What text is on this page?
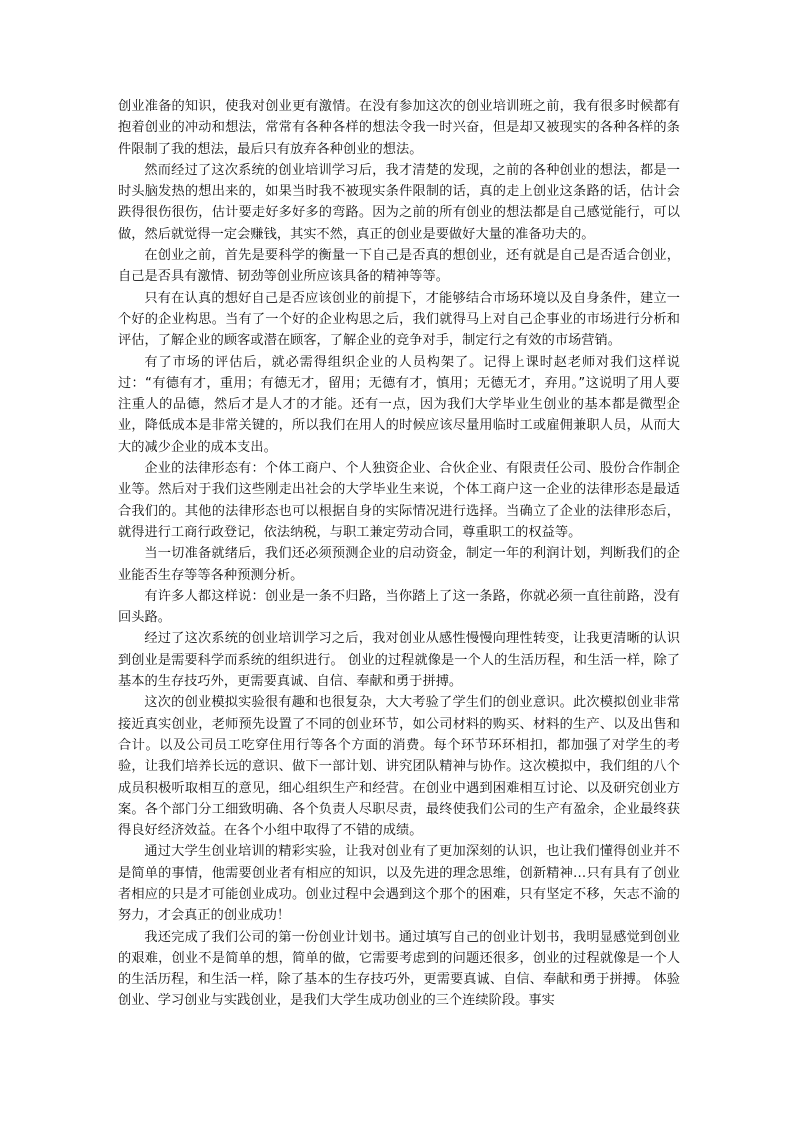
创业准备的知识，使我对创业更有激情。在没有参加这次的创业培训班之前，我有很多时候都有抱着创业的冲动和想法，常常有各种各样的想法令我一时兴奋，但是却又被现实的各种各样的条件限制了我的想法，最后只有放弃各种创业的想法。

然而经过了这次系统的创业培训学习后，我才清楚的发现，之前的各种创业的想法，都是一时头脑发热的想出来的，如果当时我不被现实条件限制的话，真的走上创业这条路的话，估计会跌得很伤很伤，估计要走好多好多的弯路。因为之前的所有创业的想法都是自己感觉能行，可以做，然后就觉得一定会赚钱，其实不然，真正的创业是要做好大量的准备功夫的。

在创业之前，首先是要科学的衡量一下自己是否真的想创业，还有就是自己是否适合创业，自己是否具有激情、韧劲等创业所应该具备的精神等等。

只有在认真的想好自己是否应该创业的前提下，才能够结合市场环境以及自身条件，建立一个好的企业构思。当有了一个好的企业构思之后，我们就得马上对自己企事业的市场进行分析和评估，了解企业的顾客或潜在顾客，了解企业的竞争对手，制定行之有效的市场营销。

有了市场的评估后，就必需得组织企业的人员构架了。记得上课时赵老师对我们这样说过：“有德有才，重用；有德无才，留用；无德有才，慎用；无德无才，弃用。”这说明了用人要注重人的品德，然后才是人才的才能。还有一点，因为我们大学毕业生创业的基本都是微型企业，降低成本是非常关键的，所以我们在用人的时候应该尽量用临时工或雇佣兼职人员，从而大大的减少企业的成本支出。

企业的法律形态有：个体工商户、个人独资企业、合伙企业、有限责任公司、股份合作制企业等。然后对于我们这些刚走出社会的大学毕业生来说，个体工商户这一企业的法律形态是最适合我们的。其他的法律形态也可以根据自身的实际情况进行选择。当确立了企业的法律形态后，就得进行工商行政登记，依法纳税，与职工兼定劳动合同，尊重职工的权益等。

当一切准备就绪后，我们还必须预测企业的启动资金，制定一年的利润计划，判断我们的企业能否生存等等各种预测分析。

有许多人都这样说：创业是一条不归路，当你踏上了这一条路，你就必须一直往前路，没有回头路。

经过了这次系统的创业培训学习之后，我对创业从感性慢慢向理性转变，让我更清晰的认识到创业是需要科学而系统的组织进行。 创业的过程就像是一个人的生活历程，和生活一样，除了基本的生存技巧外，更需要真诚、自信、奉献和勇于拼搏。

这次的创业模拟实验很有趣和也很复杂，大大考验了学生们的创业意识。此次模拟创业非常接近真实创业，老师预先设置了不同的创业环节，如公司材料的购买、材料的生产、以及出售和合计。以及公司员工吃穿住用行等各个方面的消费。每个环节环环相扣，都加强了对学生的考验，让我们培养长远的意识、做下一部计划、讲究团队精神与协作。这次模拟中，我们组的八个成员积极听取相互的意见，细心组织生产和经营。在创业中遇到困难相互讨论、以及研究创业方案。各个部门分工细致明确、各个负责人尽职尽责，最终使我们公司的生产有盈余，企业最终获得良好经济效益。在各个小组中取得了不错的成绩。

通过大学生创业培训的精彩实验，让我对创业有了更加深刻的认识，也让我们懂得创业并不是简单的事情，他需要创业者有相应的知识，以及先进的理念思维，创新精神…只有具有了创业者相应的只是才可能创业成功。创业过程中会遇到这个那个的困难，只有坚定不移，矢志不渝的努力，才会真正的创业成功！

我还完成了我们公司的第一份创业计划书。通过填写自己的创业计划书，我明显感觉到创业的艰难，创业不是简单的想，简单的做，它需要考虑到的问题还很多，创业的过程就像是一个人的生活历程，和生活一样，除了基本的生存技巧外，更需要真诚、自信、奉献和勇于拼搏。 体验创业、学习创业与实践创业，是我们大学生成功创业的三个连续阶段。事实
